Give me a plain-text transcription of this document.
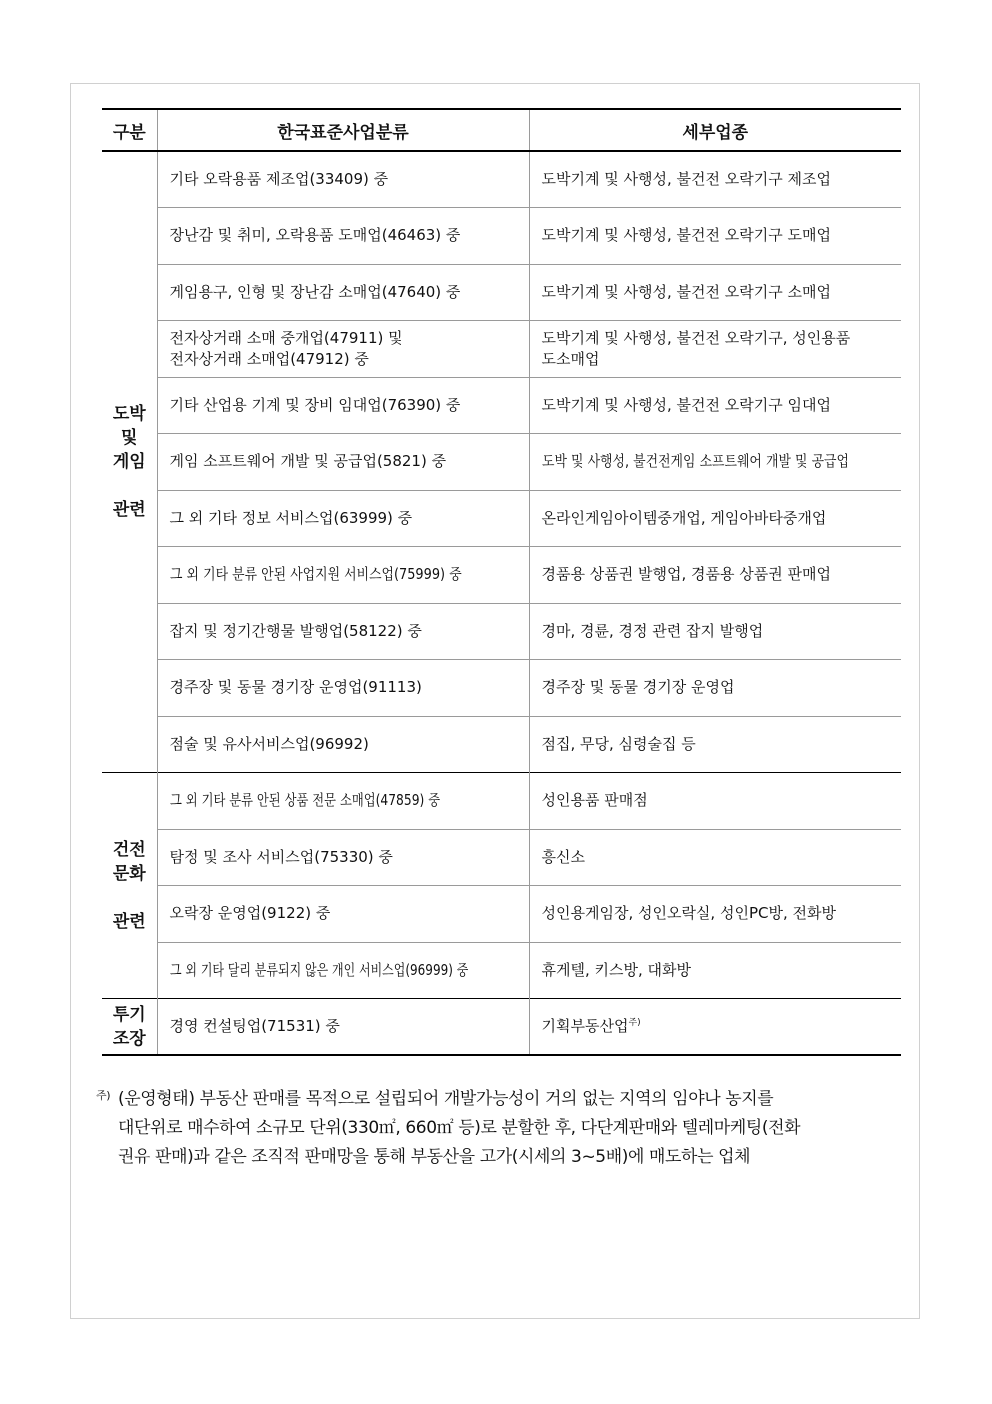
구분	한국표준사업분류	세부업종

도박
및
게임
관련	기타 오락용품 제조업(33409) 중	도박기계 및 사행성, 불건전 오락기구 제조업
	장난감 및 취미, 오락용품 도매업(46463) 중	도박기계 및 사행성, 불건전 오락기구 도매업
	게임용구, 인형 및 장난감 소매업(47640) 중	도박기계 및 사행성, 불건전 오락기구 소매업

	전자상거래 소매 중개업(47911) 및
전자상거래 소매업(47912) 중	도박기계 및 사행성, 불건전 오락기구, 성인용품
도소매업

	기타 산업용 기계 및 장비 임대업(76390) 중	도박기계 및 사행성, 불건전 오락기구 임대업
	게임 소프트웨어 개발 및 공급업(5821) 중	도박 및 사행성, 불건전게임 소프트웨어 개발 및 공급업
	그 외 기타 정보 서비스업(63999) 중	온라인게임아이템중개업, 게임아바타중개업
	그 외 기타 분류 안된 사업지원 서비스업(75999) 중	경품용 상품권 발행업, 경품용 상품권 판매업
	잡지 및 정기간행물 발행업(58122) 중	경마, 경륜, 경정 관련 잡지 발행업
	경주장 및 동물 경기장 운영업(91113)	경주장 및 동물 경기장 운영업
	점술 및 유사서비스업(96992)	점집, 무당, 심령술집 등

건전
문화
관련	그 외 기타 분류 안된 상품 전문 소매업(47859) 중	성인용품 판매점
	탐정 및 조사 서비스업(75330) 중	흥신소
	오락장 운영업(9122) 중	성인용게임장, 성인오락실, 성인PC방, 전화방
	그 외 기타 달리 분류되지 않은 개인 서비스업(96999) 중	휴게텔, 키스방, 대화방

투기
조장	경영 컨설팅업(71531) 중	기획부동산업$^{주)}$
주) (운영형태) 부동산 판매를 목적으로 설립되어 개발가능성이 거의 없는 지역의 임야나 농지를
대단위로 매수하여 소규모 단위(330㎡, 660㎡ 등)로 분할한 후, 다단계판매와 텔레마케팅(전화
권유 판매)과 같은 조직적 판매망을 통해 부동산을 고가(시세의 3~5배)에 매도하는 업체
